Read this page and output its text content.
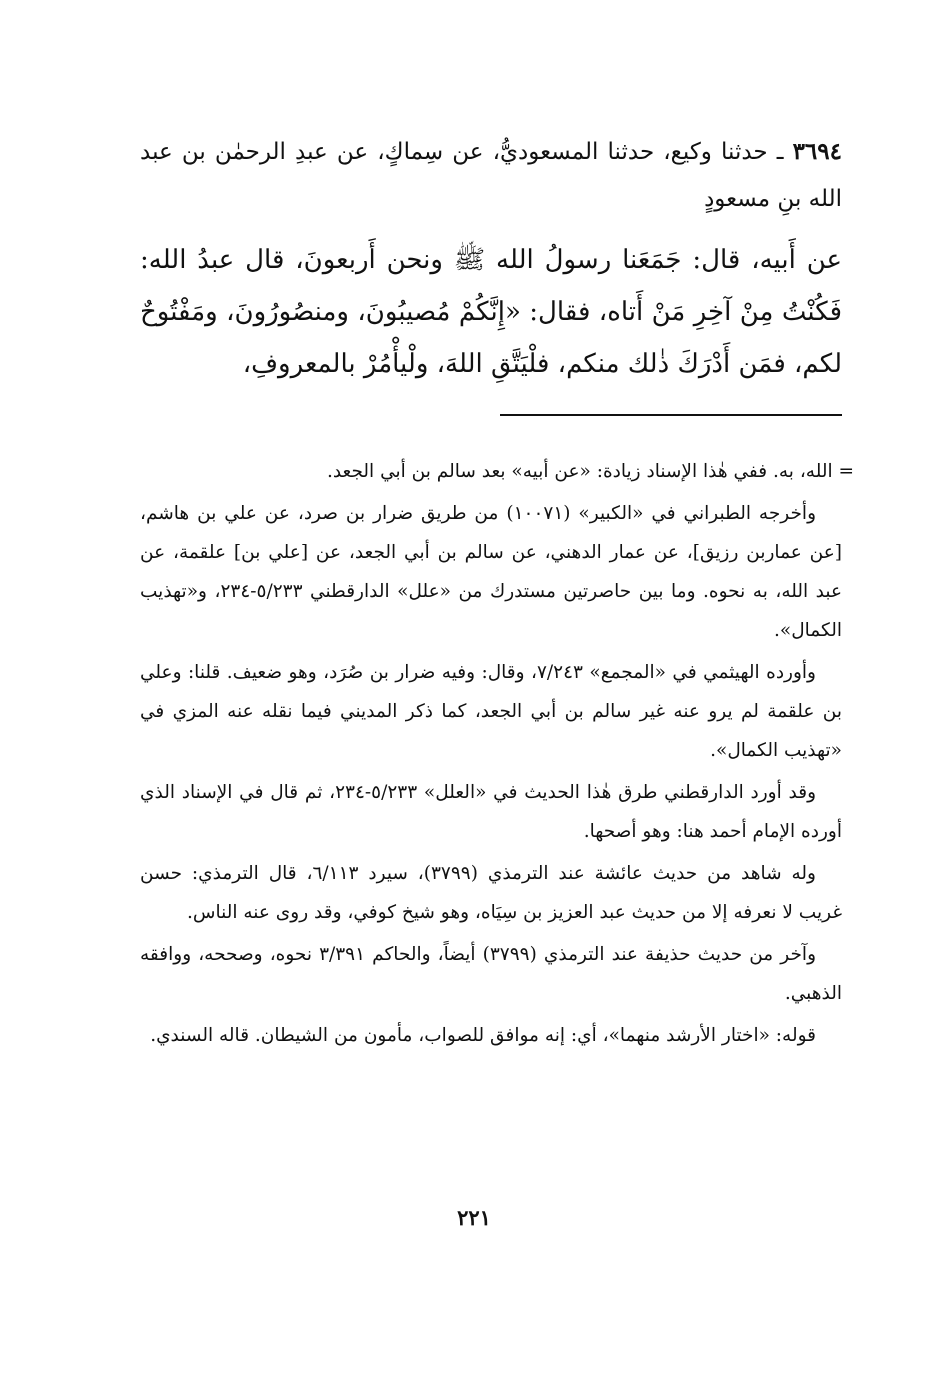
٣٦٩٤ ـ حدثنا وكيع، حدثنا المسعوديُّ، عن سِماكٍ، عن عبدِ الرحمٰن بن عبد الله بنِ مسعودٍ
عن أَبيه، قال: جَمَعَنا رسولُ الله ﷺ ونحن أَربعونَ، قال عبدُ الله: فَكُنْتُ مِنْ آخِرِ مَنْ أَتاه، فقال: «إِنَّكُمْ مُصيبُونَ، ومنصُورُونَ، ومَفْتُوحٌ لكم، فمَن أَدْرَكَ ذٰلك منكم، فلْيَتَّقِ اللهَ، ولْيأْمُرْ بالمعروفِ،

= الله، به. ففي هٰذا الإسناد زيادة: «عن أبيه» بعد سالم بن أبي الجعد.

وأخرجه الطبراني في «الكبير» (١٠٠٧١) من طريق ضرار بن صرد، عن علي بن هاشم، [عن عماربن رزيق]، عن عمار الدهني، عن سالم بن أبي الجعد، عن [علي بن] علقمة، عن عبد الله، به نحوه. وما بين حاصرتين مستدرك من «علل» الدارقطني ٥/٢٣٣-٢٣٤، و«تهذيب الكمال».

وأورده الهيثمي في «المجمع» ٧/٢٤٣، وقال: وفيه ضرار بن صُرَد، وهو ضعيف. قلنا: وعلي بن علقمة لم يرو عنه غير سالم بن أبي الجعد، كما ذكر المديني فيما نقله عنه المزي في «تهذيب الكمال».

وقد أورد الدارقطني طرق هٰذا الحديث في «العلل» ٥/٢٣٣-٢٣٤، ثم قال في الإسناد الذي أورده الإمام أحمد هنا: وهو أصحها.

وله شاهد من حديث عائشة عند الترمذي (٣٧٩٩)، سيرد ٦/١١٣، قال الترمذي: حسن غريب لا نعرفه إلا من حديث عبد العزيز بن سِيَاه، وهو شيخ كوفي، وقد روى عنه الناس.

وآخر من حديث حذيفة عند الترمذي (٣٧٩٩) أيضاً، والحاكم ٣/٣٩١ نحوه، وصححه، ووافقه الذهبي.

قوله: «اختار الأرشد منهما»، أي: إنه موافق للصواب، مأمون من الشيطان. قاله السندي.

٢٢١
